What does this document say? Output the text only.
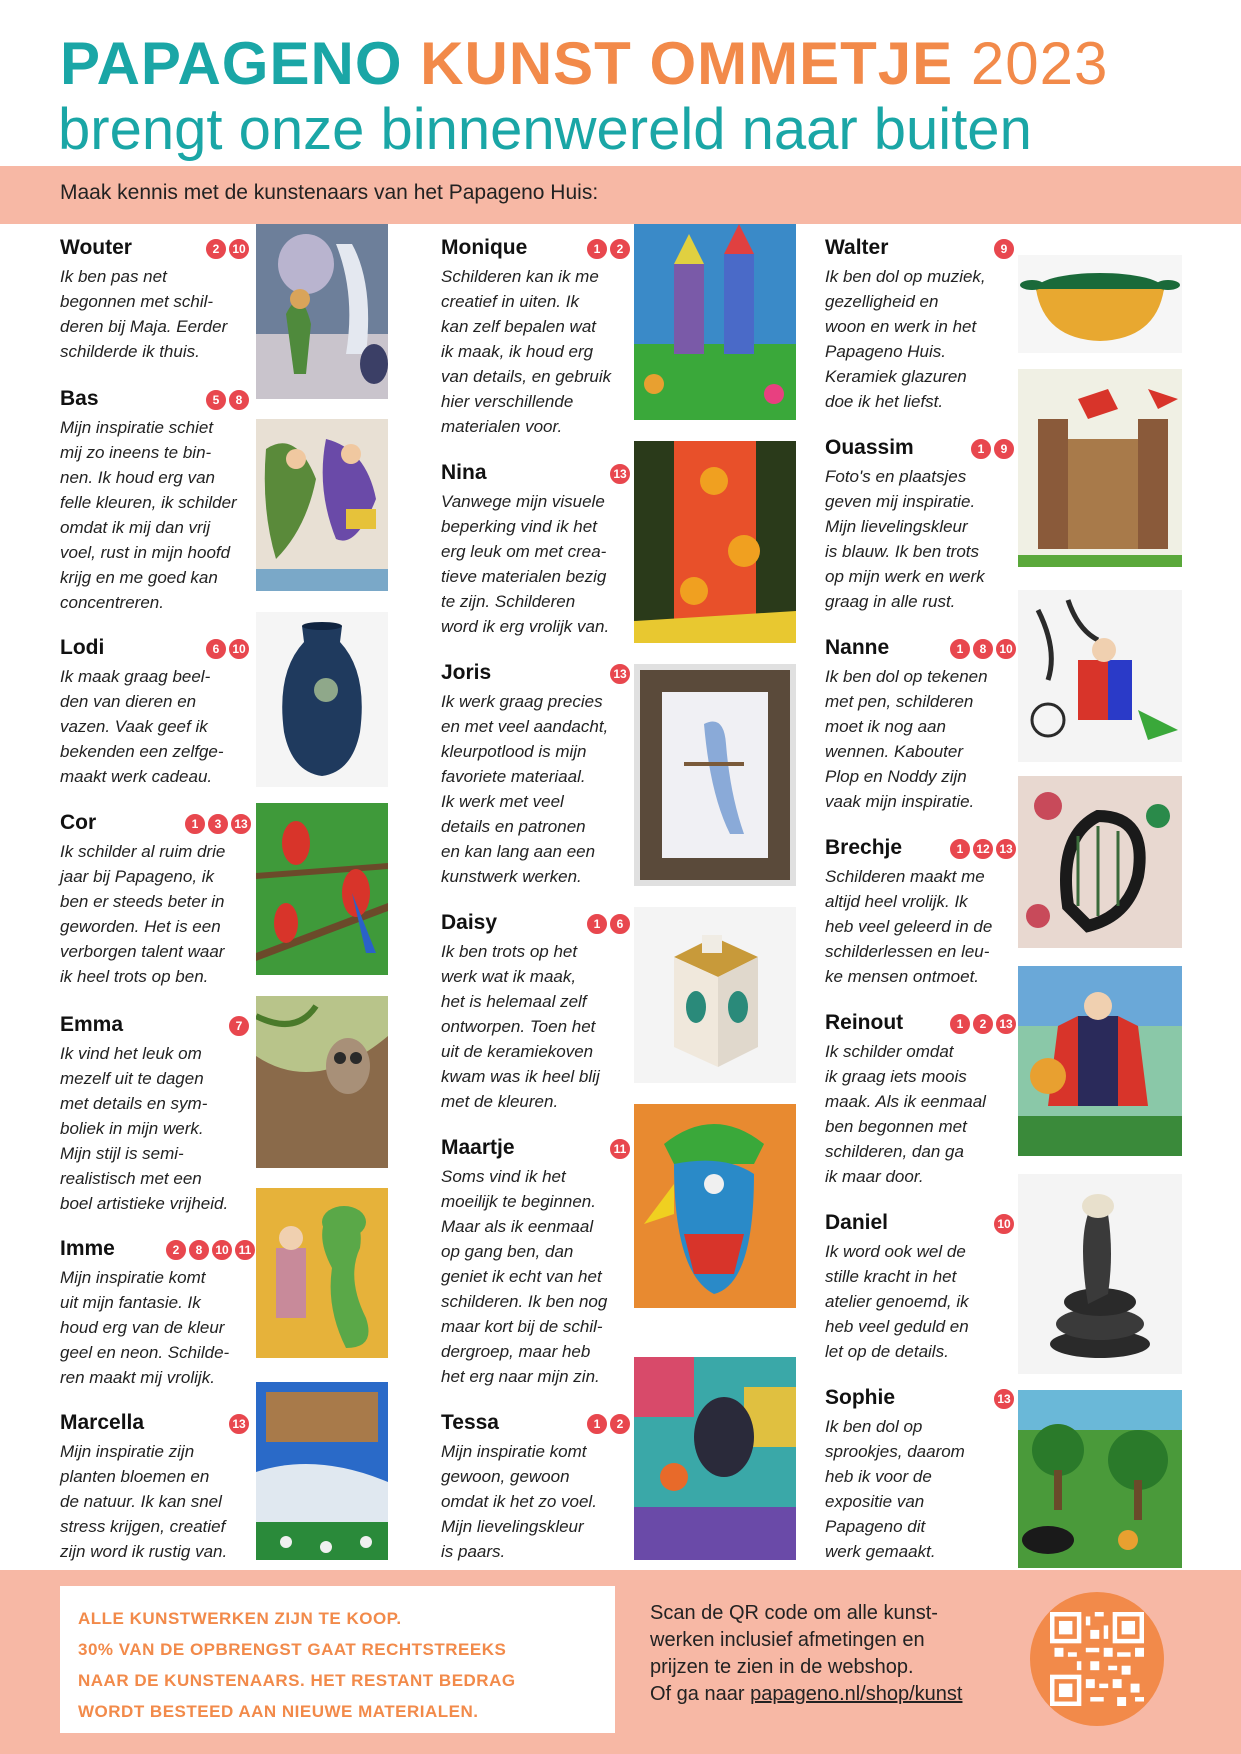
PAPAGENO KUNST OMMETJE 2023
brengt onze binnenwereld naar buiten
Maak kennis met de kunstenaars van het Papageno Huis:
Wouter	2	10
Ik ben pas net
begonnen met schil-
deren bij Maja. Eerder
schilderde ik thuis.
Bas	5	8
Mijn inspiratie schiet
mij zo ineens te bin-
nen. Ik houd erg van
felle kleuren, ik schilder
omdat ik mij dan vrij
voel, rust in mijn hoofd
krijg en me goed kan
concentreren.
Lodi	6	10
Ik maak graag beel-
den van dieren en
vazen. Vaak geef ik
bekenden een zelfge-
maakt werk cadeau.
Cor	1	3	13
Ik schilder al ruim drie
jaar bij Papageno, ik
ben er steeds beter in
geworden. Het is een
verborgen talent waar
ik heel trots op ben.
Emma	7
Ik vind het leuk om
mezelf uit te dagen
met details en sym-
boliek in mijn werk.
Mijn stijl is semi-
realistisch met een
boel artistieke vrijheid.
Imme	2	8	10 11
Mijn inspiratie komt
uit mijn fantasie. Ik
houd erg van de kleur
geel en neon. Schilde-
ren maakt mij vrolijk.
Marcella	13
Mijn inspiratie zijn
planten bloemen en
de natuur. Ik kan snel
stress krijgen, creatief
zijn word ik rustig van.
Monique	1	2
Schilderen kan ik me
creatief in uiten. Ik
kan zelf bepalen wat
ik maak, ik houd erg
van details, en gebruik
hier verschillende
materialen voor.
Nina	13
Vanwege mijn visuele
beperking vind ik het
erg leuk om met crea-
tieve materialen bezig
te zijn. Schilderen
word ik erg vrolijk van.
Joris	13
Ik werk graag precies
en met veel aandacht,
kleurpotlood is mijn
favoriete materiaal.
Ik werk met veel
details en patronen
en kan lang aan een
kunstwerk werken.
Daisy	1	6
Ik ben trots op het
werk wat ik maak,
het is helemaal zelf
ontworpen. Toen het
uit de keramiekoven
kwam was ik heel blij
met de kleuren.
Maartje	11
Soms vind ik het
moeilijk te beginnen.
Maar als ik eenmaal
op gang ben, dan
geniet ik echt van het
schilderen. Ik ben nog
maar kort bij de schil-
dergroep, maar heb
het erg naar mijn zin.
Tessa	1	2
Mijn inspiratie komt
gewoon, gewoon
omdat ik het zo voel.
Mijn lievelingskleur
is paars.
Walter	9
Ik ben dol op muziek,
gezelligheid en
woon en werk in het
Papageno Huis.
Keramiek glazuren
doe ik het liefst.
Ouassim	1	9
Foto's en plaatsjes
geven mij inspiratie.
Mijn lievelingskleur
is blauw. Ik ben trots
op mijn werk en werk
graag in alle rust.
Nanne	1	8	10
Ik ben dol op tekenen
met pen, schilderen
moet ik nog aan
wennen. Kabouter
Plop en Noddy zijn
vaak mijn inspiratie.
Brechje	1	12 13
Schilderen maakt me
altijd heel vrolijk. Ik
heb veel geleerd in de
schilderlessen en leu-
ke mensen ontmoet.
Reinout	1	2	13
Ik schilder omdat
ik graag iets moois
maak. Als ik eenmaal
ben begonnen met
schilderen, dan ga
ik maar door.
Daniel	10
Ik word ook wel de
stille kracht in het
atelier genoemd, ik
heb veel geduld en
let op de details.
Sophie	13
Ik ben dol op
sprookjes, daarom
heb ik voor de
expositie van
Papageno dit
werk gemaakt.
ALLE KUNSTWERKEN ZIJN TE KOOP.
30% VAN DE OPBRENGST GAAT RECHTSTREEKS
NAAR DE KUNSTENAARS. HET RESTANT BEDRAG
WORDT BESTEED AAN NIEUWE MATERIALEN.
Scan de QR code om alle kunst-
werken inclusief afmetingen en
prijzen te zien in de webshop.
Of ga naar papageno.nl/shop/kunst
